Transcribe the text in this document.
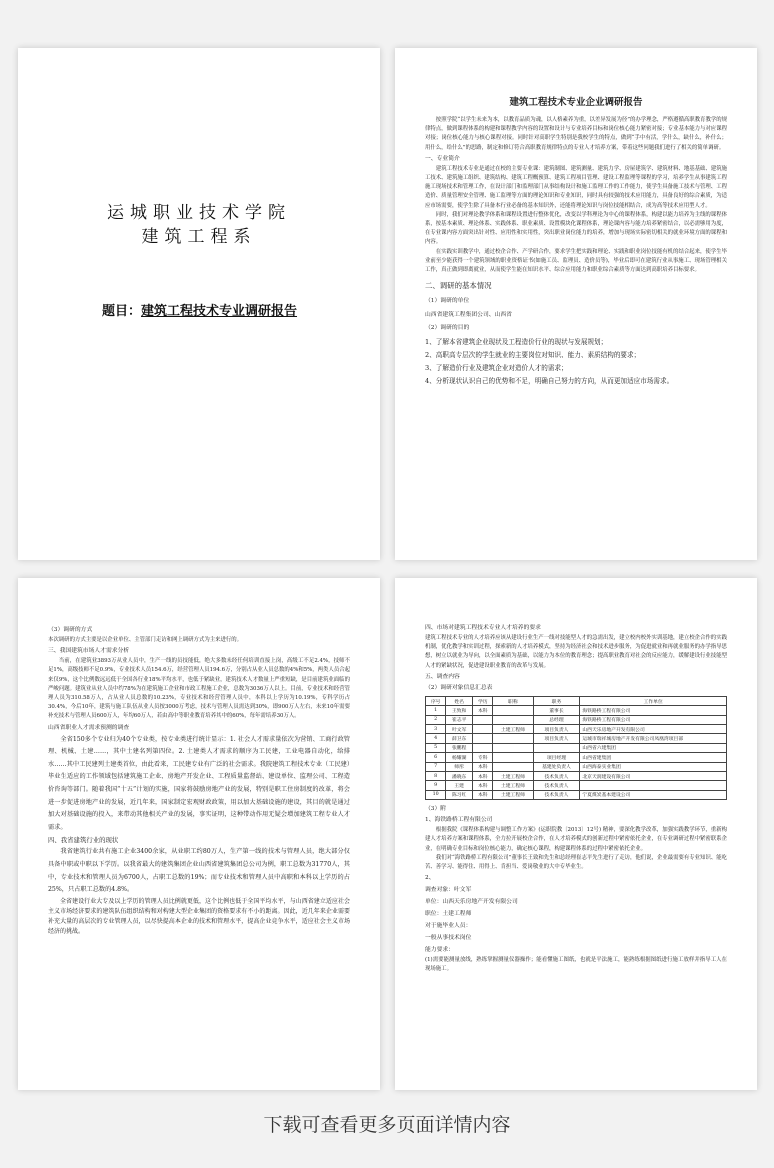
运城职业技术学院
建筑工程系
题目：建筑工程技术专业调研报告
建筑工程技术专业企业调研报告

按照学院“以学生未来为本，以教育品质为魂，以人格素养为重，以差异发展为径”的办学理念，严格遵循高职教育教学的规律特点，做到课程体系的构建和课程教学内容的设置和设计与专业培养目标和岗位核心能力紧密对接；专业基本能力与对应课程对接；岗位核心能力与核心课程对接。同时针对高职学生特别是我校学生的特点，做到“手中有活，学什么，缺什么，补什么；用什么，给什么”的思路，制定和修订符合高职教育规律特点的专业人才培养方案，带着这些问题我们进行了相关的简单调研。

一、专业简介

建筑工程技术专业是通过在校的主要专业课：建筑制图、建筑测量、建筑力学、房屋建筑学、建筑材料、地基基础、建筑施工技术、建筑施工组织、建筑结构、建筑工程概预算、建筑工程项目管理、建设工程监理等课程的学习，培养学生从事建筑工程施工现场技术和管理工作，在设计部门和监理部门从事结构设计和施工监理工作的工作能力，使学生具备施工技术与管理、工程造价、质量管理安全管理、施工监理等方面的理论知识和专业知识，同时具有较强的技术应用能力，具备良好的综合素质，为适应市场需要，使学生除了具备本行业必备的基本知识外，还能将理论知识与岗位技能相结合，成为高等技术应用型人才。

同时，我们对理论教学体系和课程设置进行整体优化，改变以学科理论为中心的课程体系，构建以能力培养为主线的课程体系，按基本素质、理论体系、实践体系、职业素质、设置模块化课程体系，理论课内容与能力培养紧密结合，以必需够用为度，在专业课内容方面突出针对性、应用性和实用性，突出职业岗位能力的培养，增加与现场实际密切相关的就业环境方面的课程和内容。

在实践实训教学中，通过校企合作、产学研合作，要求学生把实践和理论、实践和职业岗位技能有机的结合起来，使学生毕业前至少能获得一个建筑领域的职业资格证书(如施工员、监理员、造价员等)，毕业后即可在建筑行业从事施工、现场管理相关工作，真正做到即离就业，从而使学生能在知识水平、综合应用能力和职业综合素质等方面达到高职培养目标要求。

二、调研的基本情况
（1）调研的单位
山西省建筑工程集团公司、山西省
（2）调研的目的
1、了解本省建筑企业现状及工程造价行业的现状与发展规划；
2、高职高专层次的学生就业的主要岗位对知识、能力、素质结构的要求；
3、了解造价行业及建筑企业对造价人才的需求；
4、分析现状认识自己的优势和不足，明确自己努力的方向，从而更加适应市场需求。
（3）调研的方式

本次调研的方式主要是以企业单位、主管部门走访和网上调研方式为主来进行的。

三、我国建筑市场人才需求分析

当前，在建筑业3893万从业人员中，生产一线的员技能低，绝大多数未经任何培训直接上岗，高级工不足2.4%，技师不足1%，高级技师不足0.9%，专业技术人员154.6万，经营管理人员194.6万，分别占从业人员总数的4%和5%，两类人员合起来仅9%，这个比例数远远低于全国各行业18%平均水平，也低于紧缺业，建筑技术人才数量上严重短缺，是目前建筑业面临的严峻问题。建筑业从业人员中约78%为在建筑施工企业和市政工程施工企业，总数为3036万人以上。目前，专业技术和经营管理人员为310.58万人，占从业人员总数的10.23%，专业技术和经营管理人员中，本科以上学历为10.19%，专科学历占30.4%，今后10年，建筑与施工队伍从业人员按3000万考虑，技术与管理人员需达到30%，即900万人左右，未来10年需要补充技术与管理人员600万人，年均60万人，若由高中等职业教育培养其中的60%，每年需培养30万人。

山西省职业人才需求预测的调查

全省150多个专业归为40个专业类，按专业类进行统计显示：1. 社会人才需求量依次为营销、工商行政管理、机械、土建……，其中土建名列第四位。2. 土建类人才需求的顺序为工民建，工业电器自动化，给排水……其中工民建列土建类首位，由此看来，工民建专业有广泛的社会需求。我院建筑工程技术专业（工民建）毕业生适应的工作领域包括建筑施工企业、房地产开发企业、工程质量监督站、建设单位、监理公司、工程造价咨询等部门。随着我国“十五”计划的实施，国家将鼓励房地产业的发展，特别是职工住房制度的改革，将会进一步促进房地产业的发展，近几年来，国家制定宏观财政政策，用以加大基础设施的建设，其目的就是通过加大对基础设施的投入，来带动其他相关产业的发展，事实证明，这种带动作用无疑会增加建筑工程专业人才需求。

四、我省建筑行业的现状

我省建筑行业共有施工企业3400余家，从业职工约80万人，生产第一线的技术与管理人员，绝大部分仅具备中职或中职以下学历。以我省最大的建筑集团企业山西省建筑集团总公司为例，职工总数为31770人，其中，专业技术和管理人员为6700人，占职工总数的19%；而专业技术和管理人员中高职和本科以上学历的占25%，只占职工总数的4.8%。

全省建设行业大专及以上学历的管理人员比例就更低，这个比例也低于全国平均水平，与山西省建立适应社会主义市场经济要求的建筑队伍组织结构和对构建大型企业集团的资格要求有不小的距离。因此，近几年来企业需要补充大量的高层次的专业管理人员，以尽快提高本企业的技术和管理水平，提高企业竞争水平，适应社会主义市场经济的挑战。

四、市场对建筑工程技术专业人才培养的要求

建筑工程技术专业的人才培养应该从建设行业生产一线对技能型人才的急需出发，建立校内校外实训基地，建立校企合作的实践机制，优化教学和实训过程，探索新的人才培养模式，坚持为经济社会和技术进步服务，为促进就业和再就业服务的办学指导思想，树立以就业为导向，以全面素质为基础，以能力为本位的教育理念；提高职业教育对社会的反应能力，缓解建设行业技能型人才的紧缺状况，促进建设职业教育的改革与发展。

五、调查内容
（2）调研对象信息汇总表
序号	姓名	学历	职称	职务	工作单位
1	王致和	本科		董事长	海铁路桥工程有限公司
2	崔志平			总经理	海铁路桥工程有限公司
3	叶文军		土建工程师	项目负责人	山西天乐房地产开发有限公司
4	薛卫东			项目负责人	运城市瑞祥城房地产开发有限公司凤凰湾项目部
5	张鹏程				山西省六建集团
6	杨耀湖	专科		项目经理	山西省建集团
7	师彤	本科		基建处负责人	山西海泰实业集团
8	潘晓东	本科	土建工程师	技术负责人	北京天润建设有限公司
9	王建	本科	土建工程师	技术负责人	
10	陈习红	本科	土建工程师	技术负责人	宁夏煤炭基本建设公司
（3）附
1、海铁路桥工程有限公司

根据我院《课程体系构建与调整工作方案》(运职院教〔2013〕12号) 精神，要深化教学改革，加强实践教学环节，重新构建人才培养方案和课程体系，全力拉开展校企合作，在人才培养模式的创新过程中紧密依托企业，在专业调研过程中紧密联系企业，在明确专业目标和岗位核心能力，确定核心课程，构建课程体系的过程中紧密依托企业。

我们对“海铁路桥工程有限公司”董事长王致和先生和总经理崔志平先生进行了走访，他们说，企业最需要有专业知识、能吃苦、善学习、能得住、用得上、肯担当、爱岗敬业的大中专毕业生。

2、
调查对象：叶文军
单位：山西天乐房地产开发有限公司
职位：土建工程师
对于施毕业人员：
一般从事技术岗位
能力要求：

(1)需要能测量放线，熟练掌握测量仪器操作；能看懂施工图纸，也就是平法施工，能熟练根据图纸进行施工放样并指导工人在现场施工。

下载可查看更多页面详情内容
